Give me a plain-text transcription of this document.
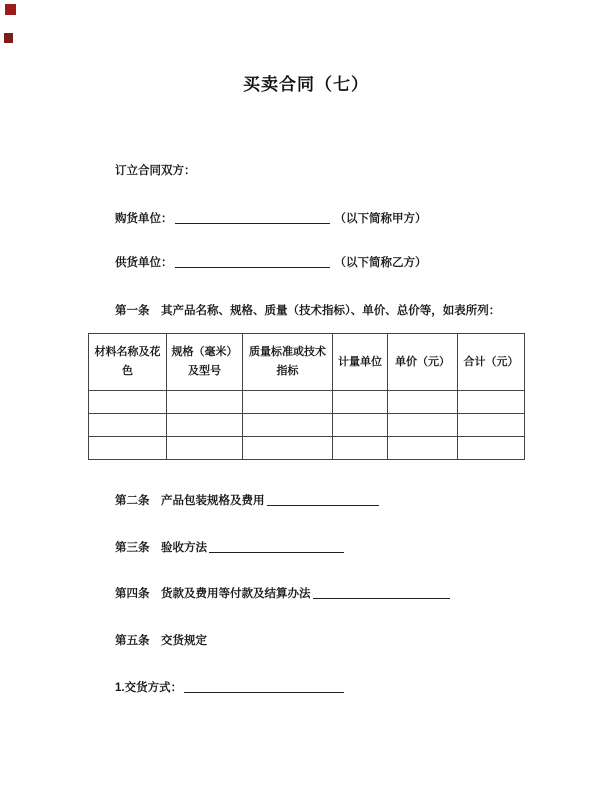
买卖合同（七）

订立合同双方：

购货单位：	（以下简称甲方）

供货单位：	（以下简称乙方）

第一条　其产品名称、规格、质量（技术指标）、单价、总价等，如表所列：

材料名称及花色	规格（毫米）及型号	质量标准或技术指标	计量单位	单价（元）	合计（元）

第二条　产品包装规格及费用

第三条　验收方法

第四条　货款及费用等付款及结算办法

第五条　交货规定

1.交货方式：
